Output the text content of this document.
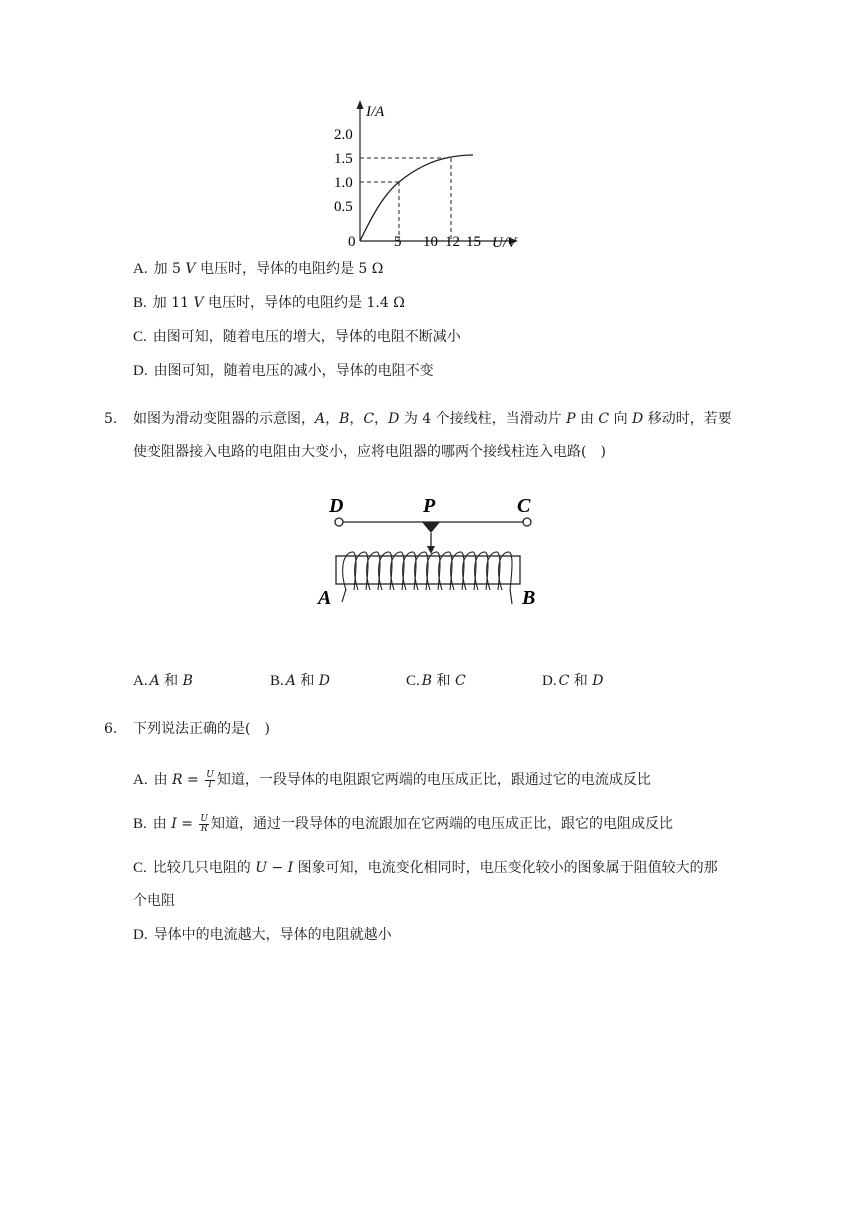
I/A
2.0
1.5
1.0
0.5
0	5 10 12 15 U/V
A. 加 5 V 电压时，导体的电阻约是 5 Ω
B. 加 11 V 电压时，导体的电阻约是 1.4 Ω
C. 由图可知，随着电压的增大，导体的电阻不断减小
D. 由图可知，随着电压的减小，导体的电阻不变
5. 如图为滑动变阻器的示意图，A，B，C，D 为 4 个接线柱，当滑动片 P 由 C 向 D 移动时，若要
使变阻器接入电路的电阻由大变小，应将电阻器的哪两个接线柱连入电路(　)
D	P	C
A	B
A. A 和 B	B. A 和 D	C. B 和 C	D. C 和 D
6. 下列说法正确的是(　)
A. 由 $R = \frac{U}{I}$ 知道，一段导体的电阻跟它两端的电压成正比，跟通过它的电流成反比
B. 由 $I = \frac{U}{R}$ 知道，通过一段导体的电流跟加在它两端的电压成正比，跟它的电阻成反比
C. 比较几只电阻的 U − I 图象可知，电流变化相同时，电压变化较小的图象属于阻值较大的那
个电阻
D. 导体中的电流越大，导体的电阻就越小
